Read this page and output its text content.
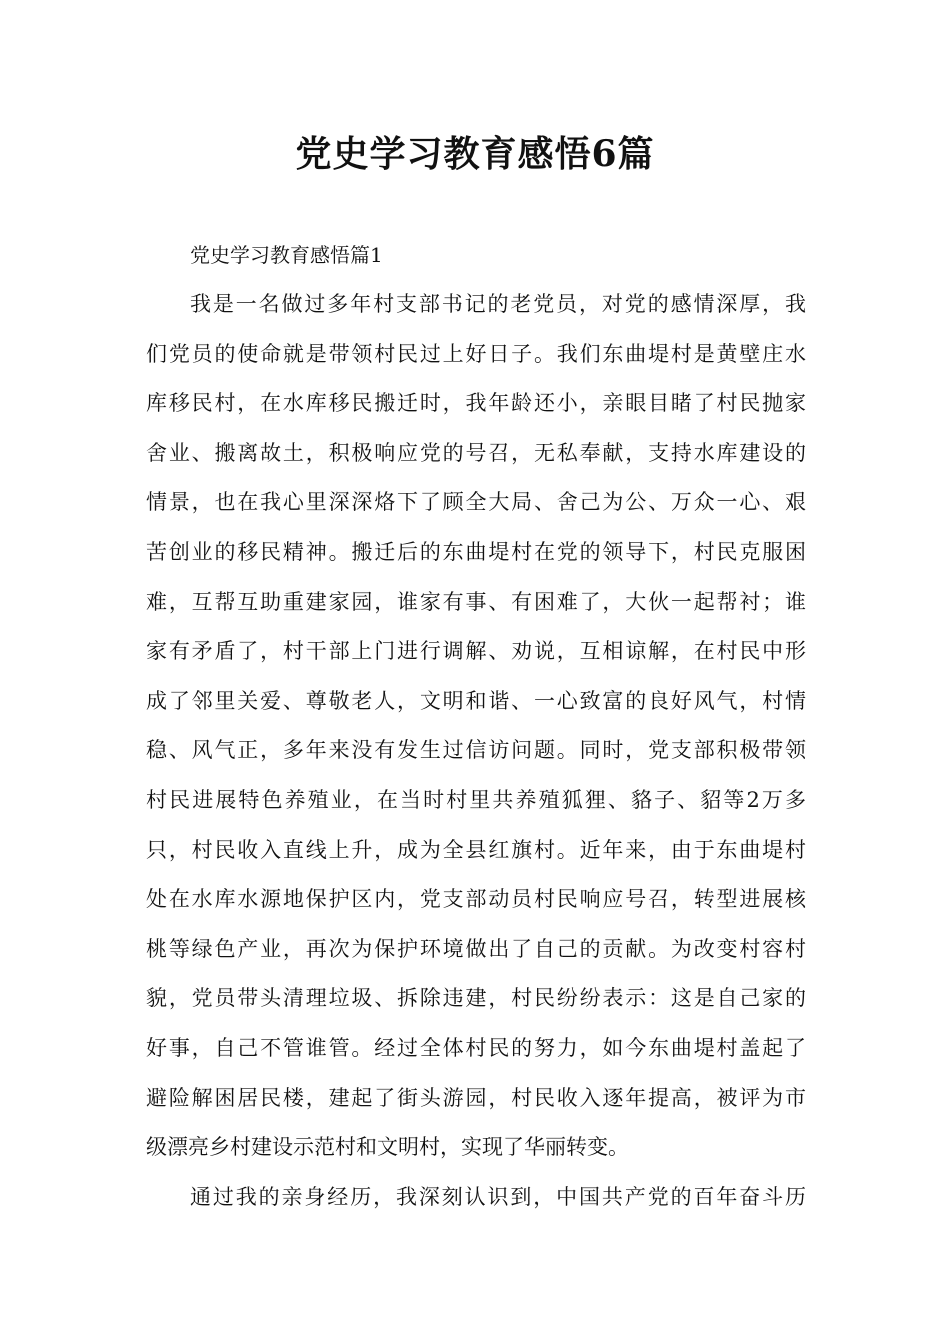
党史学习教育感悟6篇

党史学习教育感悟篇1

我是一名做过多年村支部书记的老党员，对党的感情深厚，我
们党员的使命就是带领村民过上好日子。我们东曲堤村是黄壁庄水
库移民村，在水库移民搬迁时，我年龄还小，亲眼目睹了村民抛家
舍业、搬离故土，积极响应党的号召，无私奉献，支持水库建设的
情景，也在我心里深深烙下了顾全大局、舍己为公、万众一心、艰
苦创业的移民精神。搬迁后的东曲堤村在党的领导下，村民克服困
难，互帮互助重建家园，谁家有事、有困难了，大伙一起帮衬；谁
家有矛盾了，村干部上门进行调解、劝说，互相谅解，在村民中形
成了邻里关爱、尊敬老人，文明和谐、一心致富的良好风气，村情
稳、风气正，多年来没有发生过信访问题。同时，党支部积极带领
村民进展特色养殖业，在当时村里共养殖狐狸、貉子、貂等2万多
只，村民收入直线上升，成为全县红旗村。近年来，由于东曲堤村
处在水库水源地保护区内，党支部动员村民响应号召，转型进展核
桃等绿色产业，再次为保护环境做出了自己的贡献。为改变村容村
貌，党员带头清理垃圾、拆除违建，村民纷纷表示：这是自己家的
好事，自己不管谁管。经过全体村民的努力，如今东曲堤村盖起了
避险解困居民楼，建起了街头游园，村民收入逐年提高，被评为市
级漂亮乡村建设示范村和文明村，实现了华丽转变。
通过我的亲身经历，我深刻认识到，中国共产党的百年奋斗历
